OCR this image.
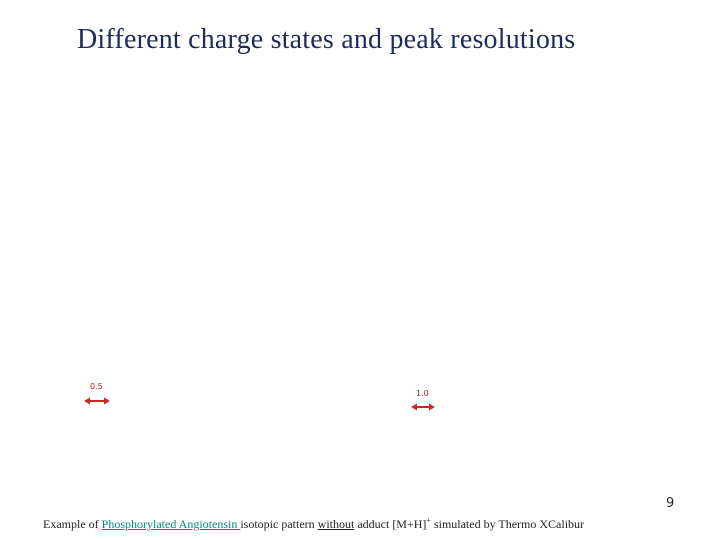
Different charge states and peak resolutions
0.5
1.0
9
Example of Phosphorylated Angiotensin isotopic pattern without adduct [M+H]+ simulated by Thermo XCalibur
